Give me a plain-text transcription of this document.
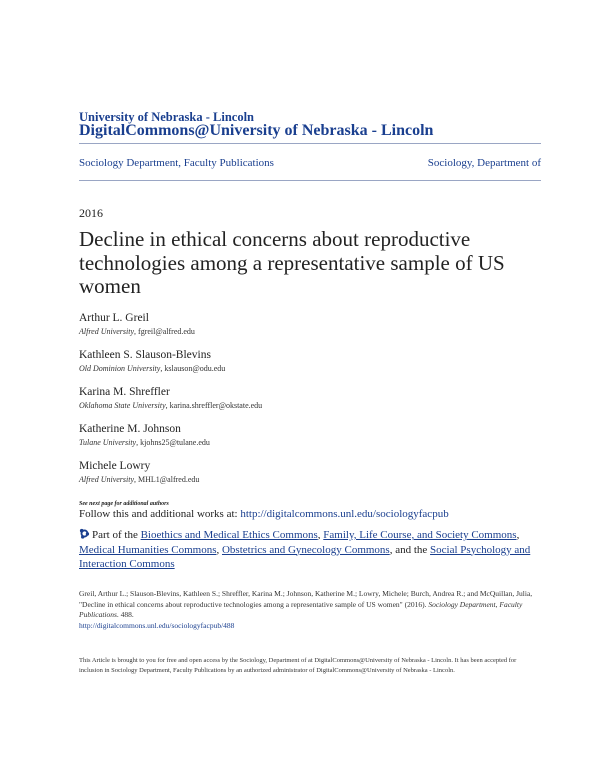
University of Nebraska - Lincoln
DigitalCommons@University of Nebraska - Lincoln
Sociology Department, Faculty Publications	Sociology, Department of
2016
Decline in ethical concerns about reproductive technologies among a representative sample of US women
Arthur L. Greil
Alfred University, fgreil@alfred.edu
Kathleen S. Slauson-Blevins
Old Dominion University, kslauson@odu.edu
Karina M. Shreffler
Oklahoma State University, karina.shreffler@okstate.edu
Katherine M. Johnson
Tulane University, kjohns25@tulane.edu
Michele Lowry
Alfred University, MHL1@alfred.edu
See next page for additional authors
Follow this and additional works at: http://digitalcommons.unl.edu/sociologyfacpub
Part of the Bioethics and Medical Ethics Commons, Family, Life Course, and Society Commons, Medical Humanities Commons, Obstetrics and Gynecology Commons, and the Social Psychology and Interaction Commons
Greil, Arthur L.; Slauson-Blevins, Kathleen S.; Shreffler, Karina M.; Johnson, Katherine M.; Lowry, Michele; Burch, Andrea R.; and McQuillan, Julia, "Decline in ethical concerns about reproductive technologies among a representative sample of US women" (2016). Sociology Department, Faculty Publications. 488.
http://digitalcommons.unl.edu/sociologyfacpub/488
This Article is brought to you for free and open access by the Sociology, Department of at DigitalCommons@University of Nebraska - Lincoln. It has been accepted for inclusion in Sociology Department, Faculty Publications by an authorized administrator of DigitalCommons@University of Nebraska - Lincoln.
